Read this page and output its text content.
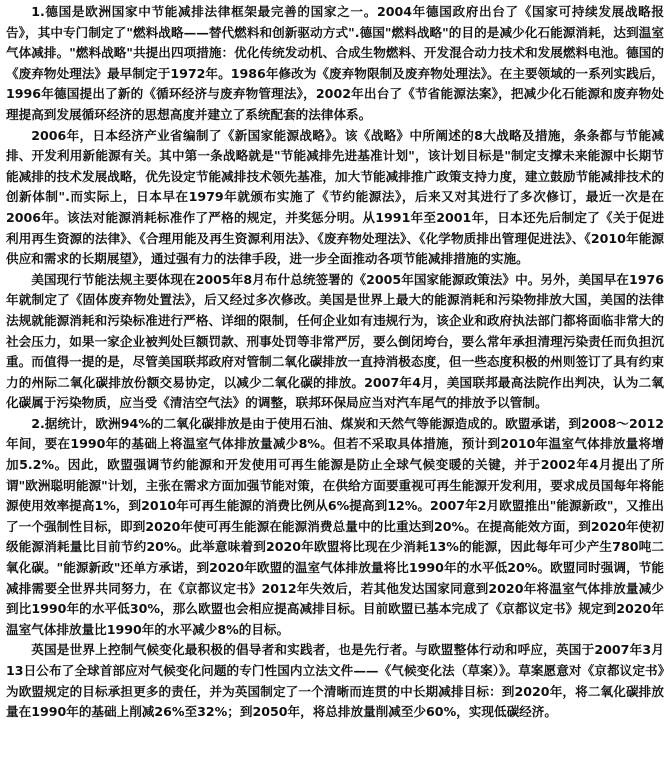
1.德国是欧洲国家中节能减排法律框架最完善的国家之一。2004年德国政府出台了《国家可持续发展战略报告》，其中专门制定了"燃料战略——替代燃料和创新驱动方式".德国"燃料战略"的目的是减少化石能源消耗，达到温室气体减排。"燃料战略"共提出四项措施：优化传统发动机、合成生物燃料、开发混合动力技术和发展燃料电池。德国的《废弃物处理法》最早制定于1972年。1986年修改为《废弃物限制及废弃物处理法》。在主要领域的一系列实践后，1996年德国提出了新的《循环经济与废弃物管理法》，2002年出台了《节省能源法案》，把减少化石能源和废弃物处理提高到发展循环经济的思想高度并建立了系统配套的法律体系。

2006年，日本经济产业省编制了《新国家能源战略》。该《战略》中所阐述的8大战略及措施，条条都与节能减排、开发利用新能源有关。其中第一条战略就是"节能减排先进基准计划"，该计划目标是"制定支撑未来能源中长期节能减排的技术发展战略，优先设定节能减排技术领先基准，加大节能减排推广政策支持力度，建立鼓励节能减排技术的创新体制".而实际上，日本早在1979年就颁布实施了《节约能源法》，后来又对其进行了多次修订，最近一次是在2006年。该法对能源消耗标准作了严格的规定，并奖惩分明。从1991年至2001年，日本还先后制定了《关于促进利用再生资源的法律》、《合理用能及再生资源利用法》、《废弃物处理法》、《化学物质排出管理促进法》、《2010年能源供应和需求的长期展望》，通过强有力的法律手段，进一步全面推动各项节能减排措施的实施。

美国现行节能法规主要体现在2005年8月布什总统签署的《2005年国家能源政策法》中。另外，美国早在1976年就制定了《固体废弃物处置法》，后又经过多次修改。美国是世界上最大的能源消耗和污染物排放大国，美国的法律法规就能源消耗和污染标准进行严格、详细的限制，任何企业如有违规行为，该企业和政府执法部门都将面临非常大的社会压力，如果一家企业被判处巨额罚款、刑事处罚等非常严厉，要么倒闭垮台，要么常年承担清理污染责任而负担沉重。而值得一提的是，尽管美国联邦政府对管制二氧化碳排放一直持消极态度，但一些态度积极的州则签订了具有约束力的州际二氧化碳排放份额交易协定，以减少二氧化碳的排放。2007年4月，美国联邦最高法院作出判决，认为二氧化碳属于污染物质，应当受《清洁空气法》的调整，联邦环保局应当对汽车尾气的排放予以管制。

2.据统计，欧洲94%的二氧化碳排放是由于使用石油、煤炭和天然气等能源造成的。欧盟承诺，到2008～2012年间，要在1990年的基础上将温室气体排放量减少8%。但若不采取具体措施，预计到2010年温室气体排放量将增加5.2%。因此，欧盟强调节约能源和开发使用可再生能源是防止全球气候变暖的关键，并于2002年4月提出了所谓"欧洲聪明能源"计划，主张在需求方面加强节能对策，在供给方面要重视可再生能源开发利用，要求成员国每年将能源使用效率提高1%，到2010年可再生能源的消费比例从6%提高到12%。2007年2月欧盟推出"能源新政"，又推出了一个强制性目标，即到2020年使可再生能源在能源消费总量中的比重达到20%。在提高能效方面，到2020年使初级能源消耗量比目前节约20%。此举意味着到2020年欧盟将比现在少消耗13%的能源，因此每年可少产生780吨二氧化碳。"能源新政"还单方承诺，到2020年欧盟的温室气体排放量将比1990年的水平低20%。欧盟同时强调，节能减排需要全世界共同努力，在《京都议定书》2012年失效后，若其他发达国家同意到2020年将温室气体排放量减少到比1990年的水平低30%，那么欧盟也会相应提高减排目标。目前欧盟已基本完成了《京都议定书》规定到2020年温室气体排放量比1990年的水平减少8%的目标。

英国是世界上控制气候变化最积极的倡导者和实践者，也是先行者。与欧盟整体行动和呼应，英国于2007年3月13日公布了全球首部应对气候变化问题的专门性国内立法文件——《气候变化法（草案）》。草案愿意对《京都议定书》为欧盟规定的目标承担更多的责任，并为英国制定了一个清晰而连贯的中长期减排目标：到2020年，将二氧化碳排放量在1990年的基础上削减26%至32%；到2050年，将总排放量削减至少60%，实现低碳经济。
